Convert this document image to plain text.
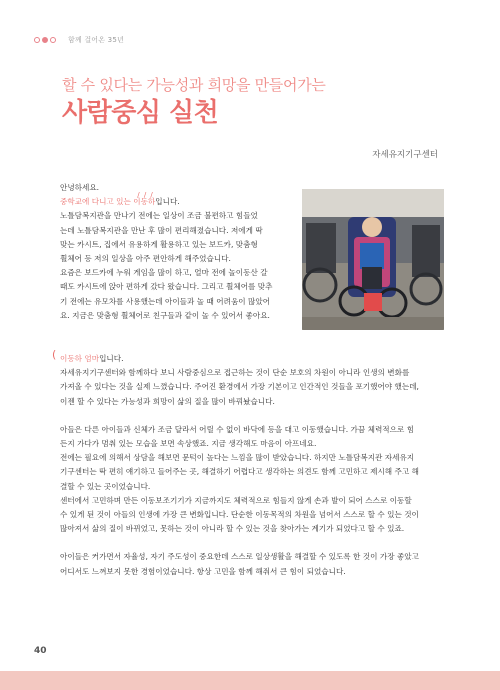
함께 걸어온 35년
할 수 있다는 가능성과 희망을 만들어가는
사람중심 실천
자세유지기구센터

안녕하세요.

중학교에 다니고 있는
/ / /
이동하입니다.

노틀담복지관을 만나기 전에는 일상이 조금 불편하고 힘들었

는데 노틀담복지관을 만난 후 많이 편리해졌습니다. 저에게 딱

맞는 카시트, 집에서 유용하게 활용하고 있는 보드카, 맞춤형

휠체어 등 저의 일상을 아주 편안하게 해주었습니다.

요즘은 보드카에 누워 게임을 많이 하고, 얼마 전에 놀이동산 갈

때도 카시트에 앉아 편하게 갔다 왔습니다. 그리고 휠체어를 맞추

기 전에는 유모차를 사용했는데 아이들과 놀 때 어려움이 많았어

요. 지금은 맞춤형 휠체어로 친구들과 같이 놀 수 있어서 좋아요.

( 이동하 엄마입니다.

자세유지기구센터와 함께하다 보니 사람중심으로 접근하는 것이 단순 보호의 차원이 아니라 인생의 변화를

가져올 수 있다는 것을 실제 느꼈습니다. 주어진 환경에서 가장 기본이고 인간적인 것들을 포기했어야 했는데,

이젠 할 수 있다는 가능성과 희망이 삶의 질을 많이 바꿔놨습니다.

아들은 다른 아이들과 신체가 조금 달라서 어릴 수 없이 바닥에 등을 대고 이동했습니다. 가끔 체력적으로 힘

든지 가다가 멈춰 있는 모습을 보면 속상했죠. 지금 생각해도 마음이 아프네요.

전에는 필요에 의해서 상담을 해보면 문턱이 높다는 느낌을 많이 받았습니다. 하지만 노틀담복지관 자세유지

기구센터는 딱 편히 얘기하고 들어주는 곳, 해결하기 어렵다고 생각하는 의견도 함께 고민하고 제시해 주고 해

결할 수 있는 곳이었습니다.

센터에서 고민하며 만든 이동보조기기가 지금까지도 체력적으로 힘들지 않게 손과 발이 되어 스스로 이동할

수 있게 된 것이 아들의 인생에 가장 큰 변화입니다. 단순한 이동목적의 차원을 넘어서 스스로 할 수 있는 것이

많아져서 삶의 질이 바뀌었고, 못하는 것이 아니라 할 수 있는 것을 찾아가는 계기가 되었다고 할 수 있죠.

아이들은 커가면서 자율성, 자기 주도성이 중요한데 스스로 일상생활을 해결할 수 있도록 한 것이 가장 좋았고

어디서도 느껴보지 못한 경험이었습니다. 항상 고민을 함께 해줘서 큰 힘이 되었습니다.

40
